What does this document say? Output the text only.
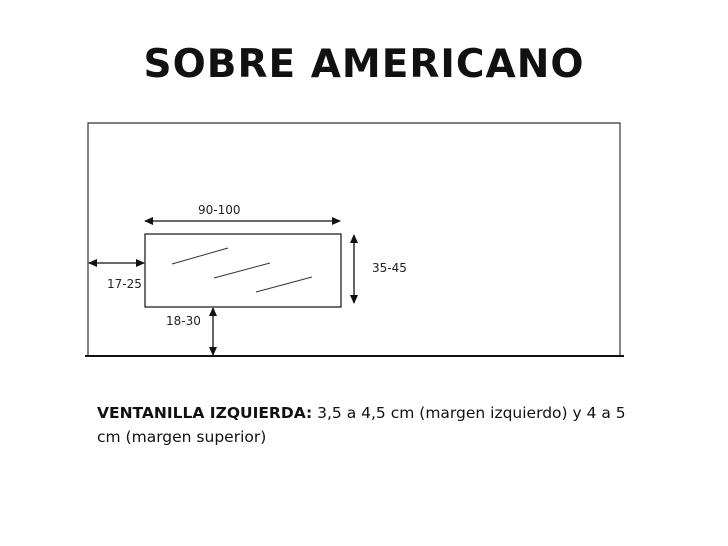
SOBRE AMERICANO
90-100
35-45
17-25
18-30
VENTANILLA IZQUIERDA: 3,5 a 4,5 cm (margen izquierdo) y 4 a 5 cm (margen superior)
